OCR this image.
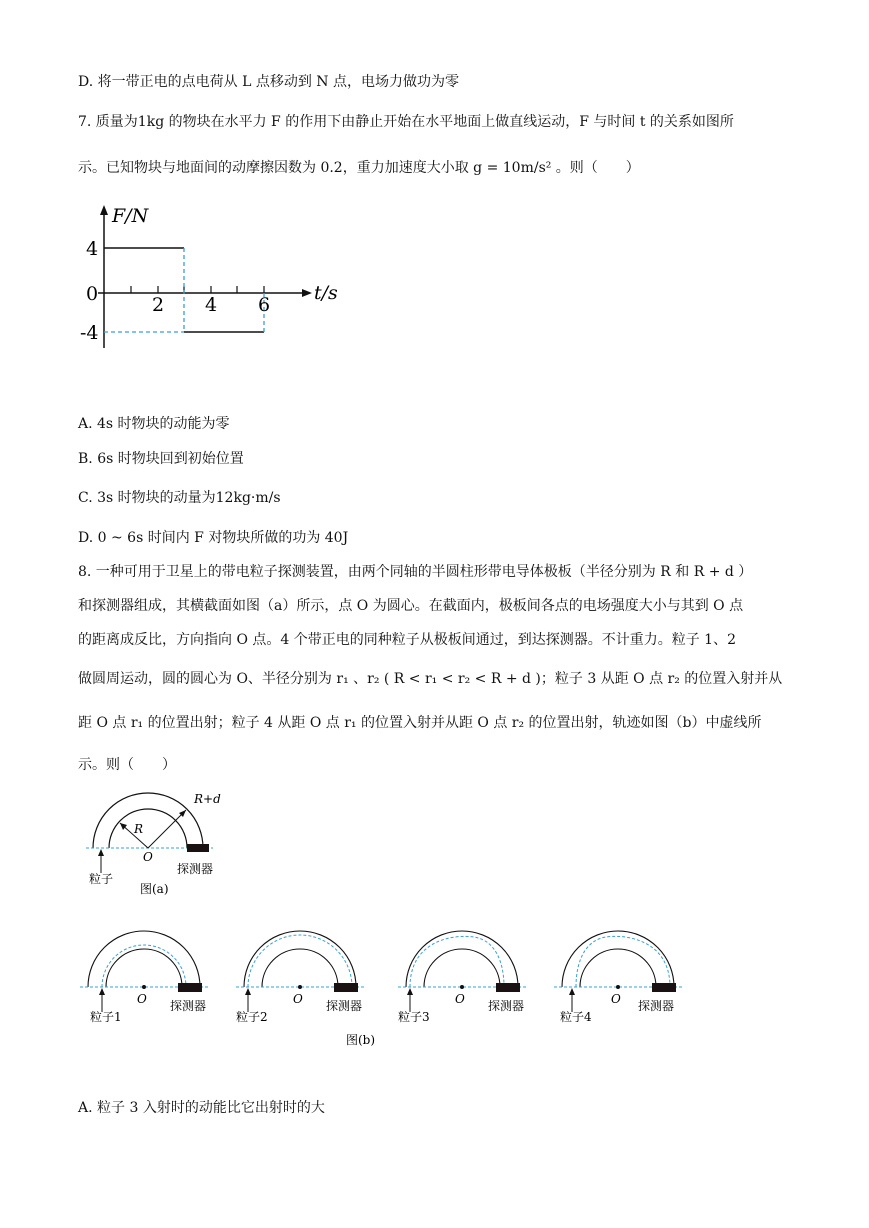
D. 将一带正电的点电荷从 L 点移动到 N 点，电场力做功为零
7. 质量为1kg 的物块在水平力 F 的作用下由静止开始在水平地面上做直线运动，F 与时间 t 的关系如图所
示。已知物块与地面间的动摩擦因数为 0.2，重力加速度大小取 g = 10m/s² 。则（　　）
F/N
t/s
4
0
-4
2 4 6
A. 4s 时物块的动能为零
B. 6s 时物块回到初始位置
C. 3s 时物块的动量为12kg·m/s
D. 0 ~ 6s 时间内 F 对物块所做的功为 40J
8. 一种可用于卫星上的带电粒子探测装置，由两个同轴的半圆柱形带电导体极板（半径分别为 R 和 R + d ）
和探测器组成，其横截面如图（a）所示，点 O 为圆心。在截面内，极板间各点的电场强度大小与其到 O 点
的距离成反比，方向指向 O 点。4 个带正电的同种粒子从极板间通过，到达探测器。不计重力。粒子 1、2
做圆周运动，圆的圆心为 O、半径分别为 r₁ 、r₂ ( R < r₁ < r₂ < R + d )；粒子 3 从距 O 点 r₂ 的位置入射并从
距 O 点 r₁ 的位置出射；粒子 4 从距 O 点 r₁ 的位置入射并从距 O 点 r₂ 的位置出射，轨迹如图（b）中虚线所
示。则（　　）
R
R+d
O
粒子
探测器
图(a)
O
粒子1
探测器	O
粒子2
探测器	O
粒子3
探测器	O
粒子4
探测器
图(b)
A. 粒子 3 入射时的动能比它出射时的大
